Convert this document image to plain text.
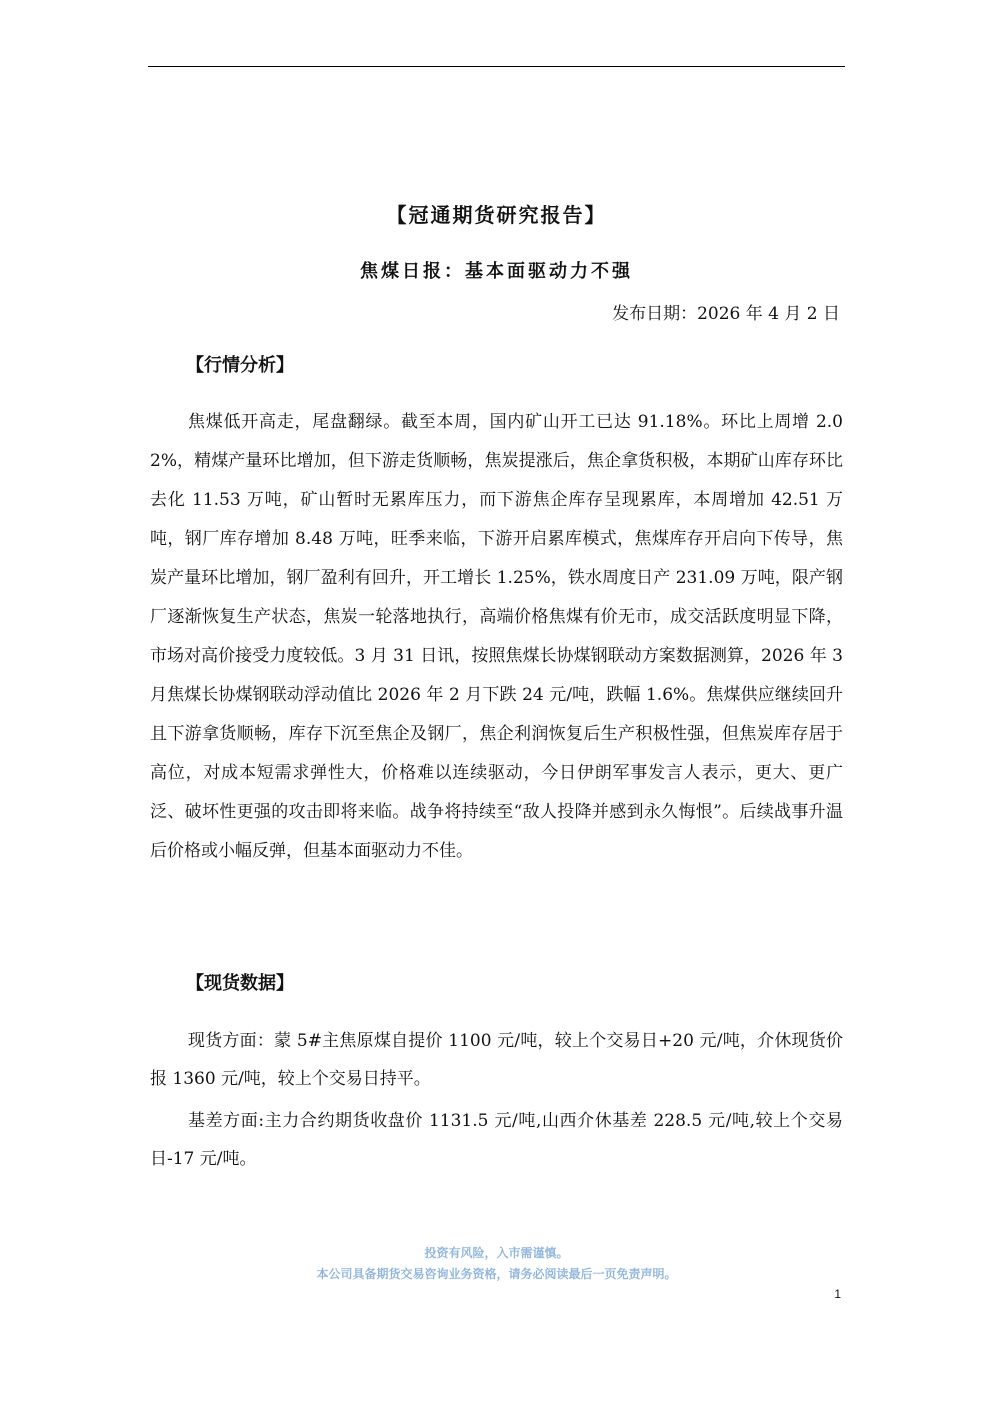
【冠通期货研究报告】
焦煤日报：基本面驱动力不强
发布日期：2026 年 4 月 2 日
【行情分析】

焦煤低开高走，尾盘翻绿。截至本周，国内矿山开工已达 91.18%。环比上周增 2.02%，精煤产量环比增加，但下游走货顺畅，焦炭提涨后，焦企拿货积极，本期矿山库存环比去化 11.53 万吨，矿山暂时无累库压力，而下游焦企库存呈现累库，本周增加 42.51 万吨，钢厂库存增加 8.48 万吨，旺季来临，下游开启累库模式，焦煤库存开启向下传导，焦炭产量环比增加，钢厂盈利有回升，开工增长 1.25%，铁水周度日产 231.09 万吨，限产钢厂逐渐恢复生产状态，焦炭一轮落地执行，高端价格焦煤有价无市，成交活跃度明显下降，市场对高价接受力度较低。3 月 31 日讯，按照焦煤长协煤钢联动方案数据测算，2026 年 3 月焦煤长协煤钢联动浮动值比 2026 年 2 月下跌 24 元/吨，跌幅 1.6%。焦煤供应继续回升且下游拿货顺畅，库存下沉至焦企及钢厂，焦企利润恢复后生产积极性强，但焦炭库存居于高位，对成本短需求弹性大，价格难以连续驱动，今日伊朗军事发言人表示，更大、更广泛、破坏性更强的攻击即将来临。战争将持续至“敌人投降并感到永久悔恨”。后续战事升温后价格或小幅反弹，但基本面驱动力不佳。

【现货数据】

现货方面：蒙 5#主焦原煤自提价 1100 元/吨，较上个交易日+20 元/吨，介休现货价报 1360 元/吨，较上个交易日持平。

基差方面:主力合约期货收盘价 1131.5 元/吨,山西介休基差 228.5 元/吨,较上个交易日-17 元/吨。

投资有风险，入市需谨慎。
本公司具备期货交易咨询业务资格，请务必阅读最后一页免责声明。
1
